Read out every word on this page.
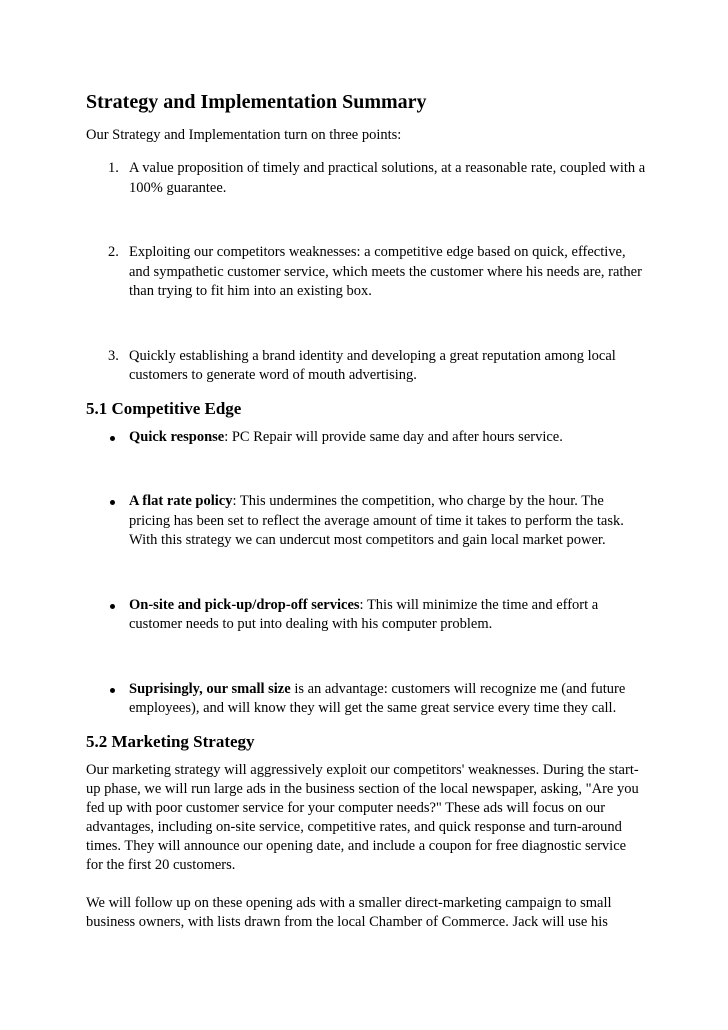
Strategy and Implementation Summary

Our Strategy and Implementation turn on three points:

1. A value proposition of timely and practical solutions, at a reasonable rate, coupled with a 100% guarantee.
2. Exploiting our competitors weaknesses: a competitive edge based on quick, effective, and sympathetic customer service, which meets the customer where his needs are, rather than trying to fit him into an existing box.
3. Quickly establishing a brand identity and developing a great reputation among local customers to generate word of mouth advertising.
5.1 Competitive Edge
Quick response: PC Repair will provide same day and after hours service.
A flat rate policy: This undermines the competition, who charge by the hour. The pricing has been set to reflect the average amount of time it takes to perform the task. With this strategy we can undercut most competitors and gain local market power.
On-site and pick-up/drop-off services: This will minimize the time and effort a customer needs to put into dealing with his computer problem.
Suprisingly, our small size is an advantage: customers will recognize me (and future employees), and will know they will get the same great service every time they call.
5.2 Marketing Strategy

Our marketing strategy will aggressively exploit our competitors' weaknesses. During the start-up phase, we will run large ads in the business section of the local newspaper, asking, "Are you fed up with poor customer service for your computer needs?" These ads will focus on our advantages, including on-site service, competitive rates, and quick response and turn-around times. They will announce our opening date, and include a coupon for free diagnostic service for the first 20 customers.

We will follow up on these opening ads with a smaller direct-marketing campaign to small business owners, with lists drawn from the local Chamber of Commerce. Jack will use his
